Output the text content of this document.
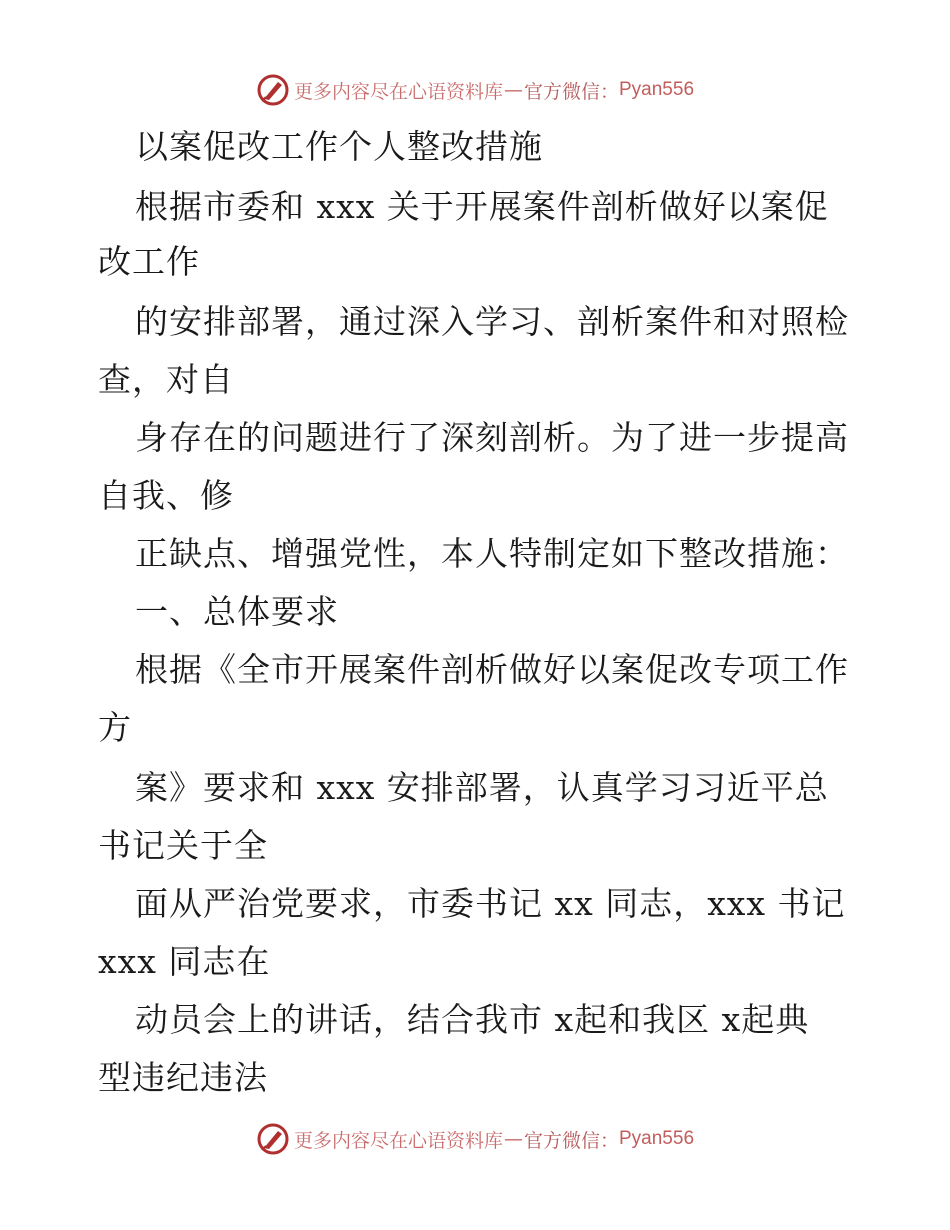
更多内容尽在心语资料库 — 官方微信： Pyan556
以案促改工作个人整改措施
根据市委和 xxx 关于开展案件剖析做好以案促
改工作
的安排部署，通过深入学习、剖析案件和对照检
查，对自
身存在的问题进行了深刻剖析。为了进一步提高
自我、修
正缺点、增强党性，本人特制定如下整改措施：
一、总体要求
根据《全市开展案件剖析做好以案促改专项工作
方
案》要求和 xxx 安排部署，认真学习习近平总
书记关于全
面从严治党要求，市委书记 xx 同志，xxx 书记
xxx 同志在
动员会上的讲话，结合我市 x起和我区 x起典
型违纪违法
更多内容尽在心语资料库 — 官方微信： Pyan556
